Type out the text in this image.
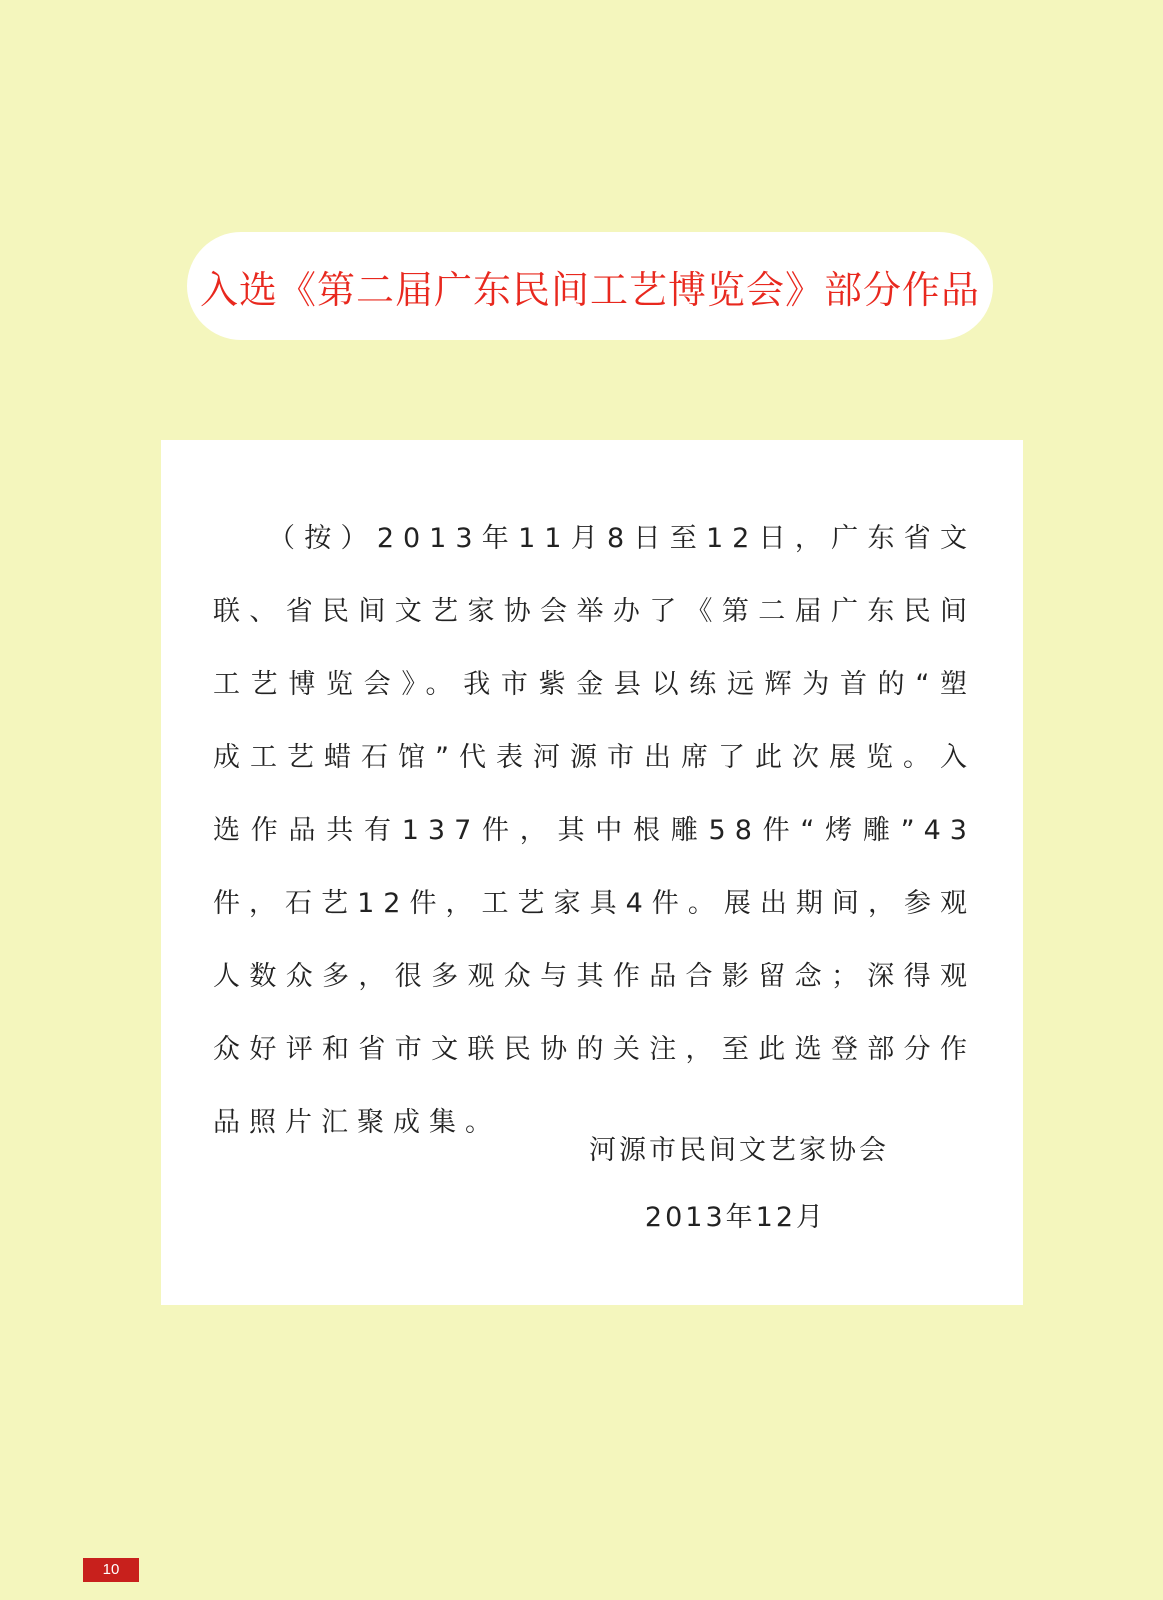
入选《第二届广东民间工艺博览会》部分作品

（按）2013年11月8日至12日，广东省文联、省民间文艺家协会举办了《第二届广东民间工艺博览会》。我市紫金县以练远辉为首的“塑成工艺蜡石馆”代表河源市出席了此次展览。入选作品共有137件，其中根雕58件“烤雕”43件，石艺12件，工艺家具4件。展出期间，参观人数众多，很多观众与其作品合影留念；深得观众好评和省市文联民协的关注，至此选登部分作品照片汇聚成集。

河源市民间文艺家协会
2013年12月
10
